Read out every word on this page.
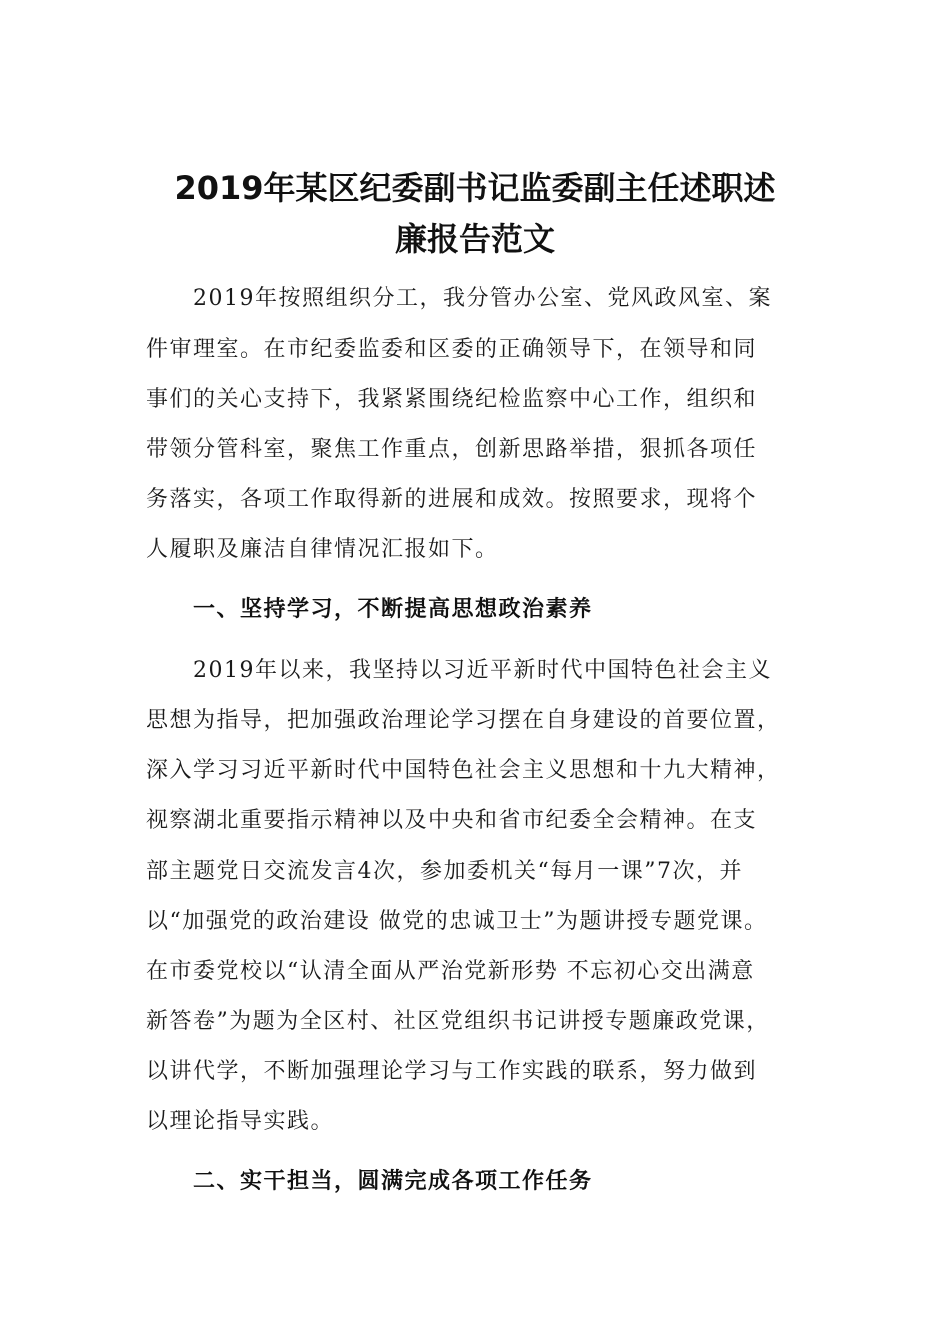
2019年某区纪委副书记监委副主任述职述
廉报告范文
2019年按照组织分工，我分管办公室、党风政风室、案
件审理室。在市纪委监委和区委的正确领导下，在领导和同
事们的关心支持下，我紧紧围绕纪检监察中心工作，组织和
带领分管科室，聚焦工作重点，创新思路举措，狠抓各项任
务落实，各项工作取得新的进展和成效。按照要求，现将个
人履职及廉洁自律情况汇报如下。
一、坚持学习，不断提高思想政治素养
2019年以来，我坚持以习近平新时代中国特色社会主义
思想为指导，把加强政治理论学习摆在自身建设的首要位置，
深入学习习近平新时代中国特色社会主义思想和十九大精神，
视察湖北重要指示精神以及中央和省市纪委全会精神。在支
部主题党日交流发言4次，参加委机关“每月一课”7次，并
以“加强党的政治建设 做党的忠诚卫士”为题讲授专题党课。
在市委党校以“认清全面从严治党新形势 不忘初心交出满意
新答卷”为题为全区村、社区党组织书记讲授专题廉政党课，
以讲代学，不断加强理论学习与工作实践的联系，努力做到
以理论指导实践。
二、实干担当，圆满完成各项工作任务
